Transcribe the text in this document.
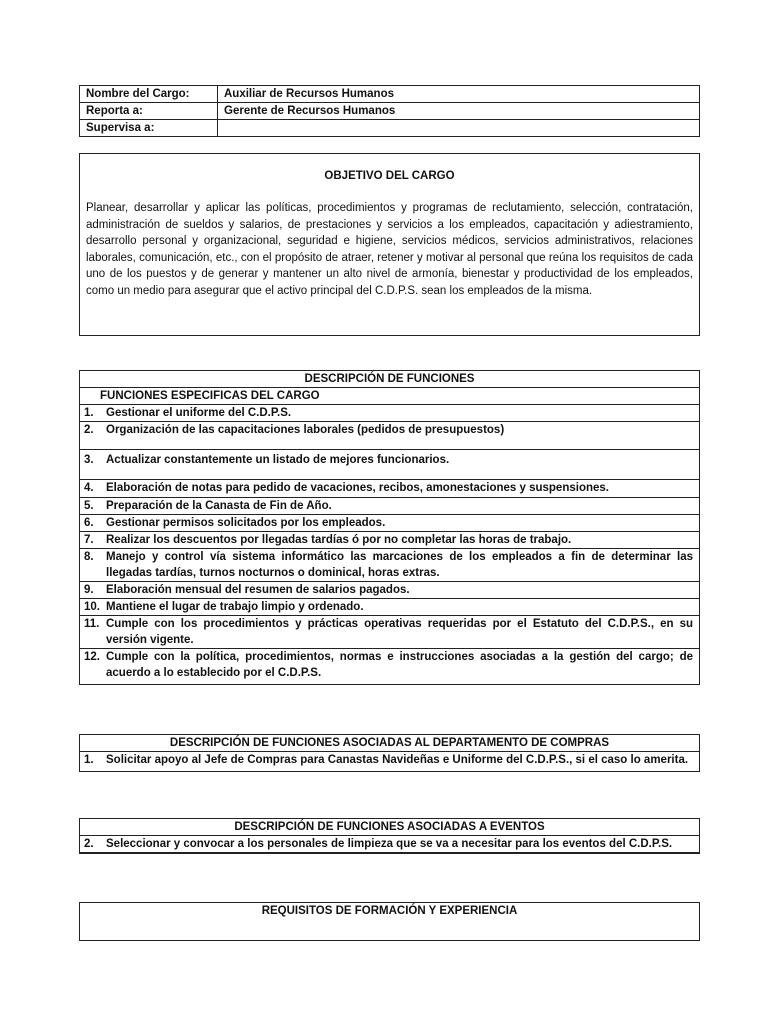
Nombre del Cargo:	Auxiliar de Recursos Humanos
Reporta a:	Gerente de Recursos Humanos
Supervisa a:	
OBJETIVO DEL CARGO
Planear, desarrollar y aplicar las políticas, procedimientos y programas de reclutamiento, selección, contratación, administración de sueldos y salarios, de prestaciones y servicios a los empleados, capacitación y adiestramiento, desarrollo personal y organizacional, seguridad e higiene, servicios médicos, servicios administrativos, relaciones laborales, comunicación, etc., con el propósito de atraer, retener y motivar al personal que reúna los requisitos de cada uno de los puestos y de generar y mantener un alto nivel de armonía, bienestar y productividad de los empleados, como un medio para asegurar que el activo principal del C.D.P.S. sean los empleados de la misma.
DESCRIPCIÓN DE FUNCIONES
FUNCIONES ESPECIFICAS DEL CARGO

1. Gestionar el uniforme del C.D.P.S.

2. Organización de las capacitaciones laborales (pedidos de presupuestos)

3. Actualizar constantemente un listado de mejores funcionarios.

4. Elaboración de notas para pedido de vacaciones, recibos, amonestaciones y suspensiones.

5. Preparación de la Canasta de Fin de Año.

6. Gestionar permisos solicitados por los empleados.

7. Realizar los descuentos por llegadas tardías ó por no completar las horas de trabajo.

8. Manejo y control vía sistema informático las marcaciones de los empleados a fin de determinar las llegadas tardías, turnos nocturnos o dominical, horas extras.

9. Elaboración mensual del resumen de salarios pagados.

10. Mantiene el lugar de trabajo limpio y ordenado.

11. Cumple con los procedimientos y prácticas operativas requeridas por el Estatuto del C.D.P.S., en su versión vigente.

12. Cumple con la política, procedimientos, normas e instrucciones asociadas a la gestión del cargo; de acuerdo a lo establecido por el C.D.P.S.
DESCRIPCIÓN DE FUNCIONES ASOCIADAS AL DEPARTAMENTO DE COMPRAS

1. Solicitar apoyo al Jefe de Compras para Canastas Navideñas e Uniforme del C.D.P.S., si el caso lo amerita.
DESCRIPCIÓN DE FUNCIONES ASOCIADAS A EVENTOS

2. Seleccionar y convocar a los personales de limpieza que se va a necesitar para los eventos del C.D.P.S.
REQUISITOS DE FORMACIÓN Y EXPERIENCIA
